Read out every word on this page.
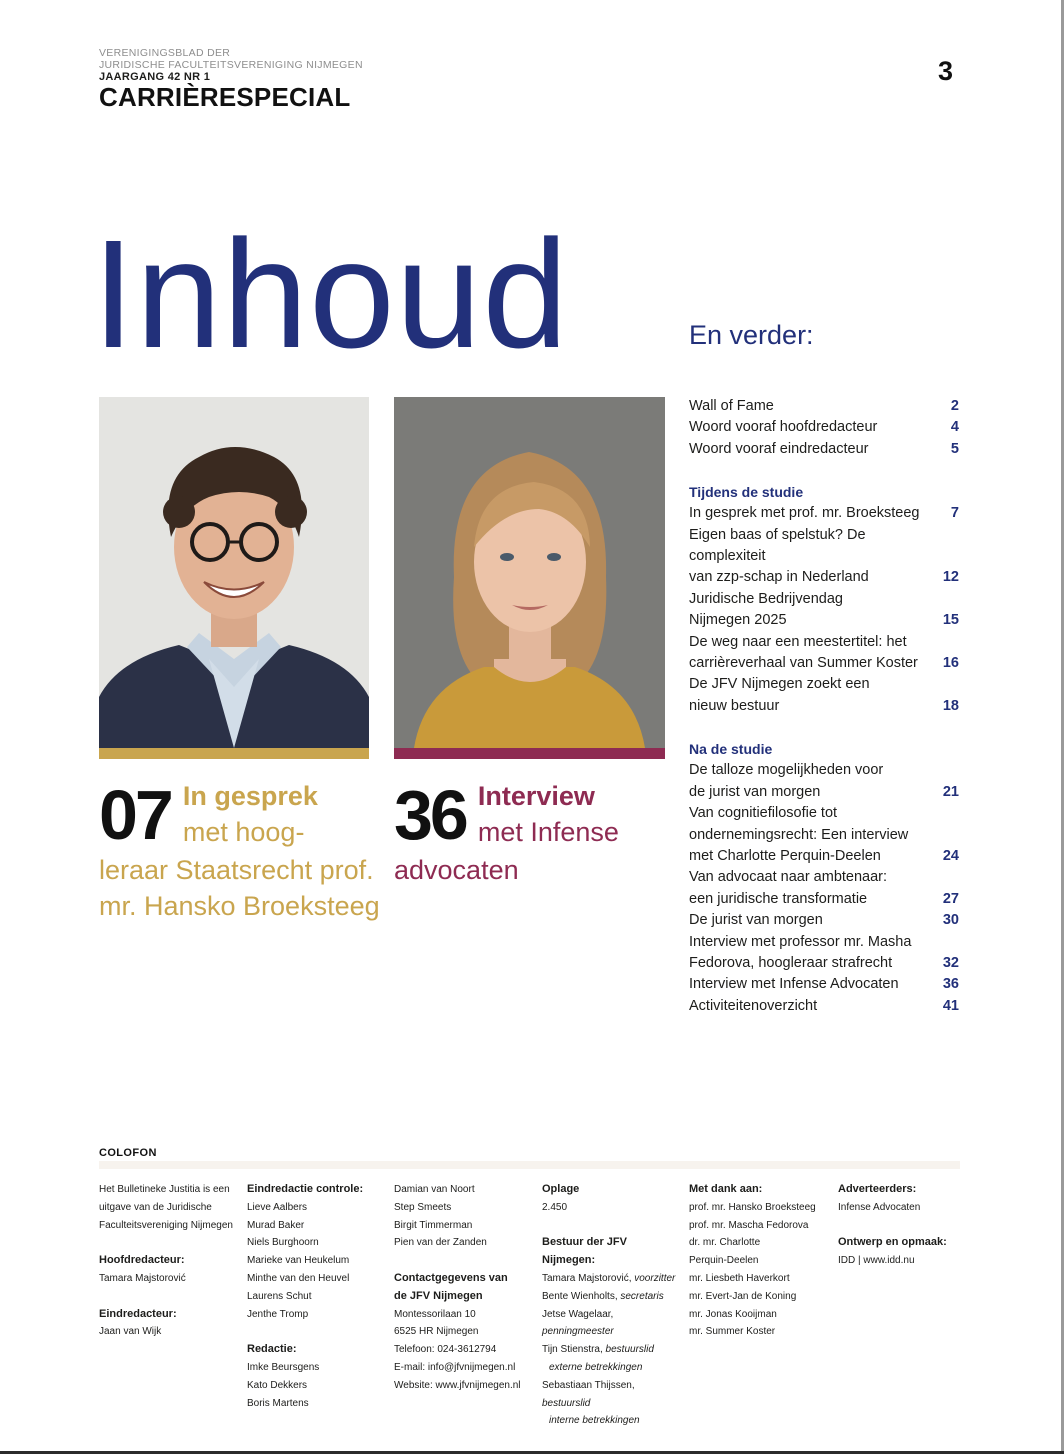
VERENIGINGSBLAD DER
JURIDISCHE FACULTEITSVERENIGING NIJMEGEN
JAARGANG 42 NR 1
CARRIÈRESPECIAL
3
Inhoud	En verder:
07 In gesprek
met hoog-
leraar Staatsrecht prof.
mr. Hansko Broeksteeg
36 Interview
met Infense
advocaten
Wall of Fame	2
Woord vooraf hoofdredacteur	4
Woord vooraf eindredacteur	5
Tijdens de studie
In gesprek met prof. mr. Broeksteeg	7
Eigen baas of spelstuk? De complexiteit
van zzp-schap in Nederland	12
Juridische Bedrijvendag
Nijmegen 2025	15
De weg naar een meestertitel: het
carrièreverhaal van Summer Koster	16
De JFV Nijmegen zoekt een
nieuw bestuur	18
Na de studie
De talloze mogelijkheden voor
de jurist van morgen	21
Van cognitiefilosofie tot
ondernemingsrecht: Een interview
met Charlotte Perquin-Deelen	24
Van advocaat naar ambtenaar:
een juridische transformatie	27
De jurist van morgen	30
Interview met professor mr. Masha
Fedorova, hoogleraar strafrecht	32
Interview met Infense Advocaten	36
Activiteitenoverzicht	41
COLOFON
Het Bulletineke Justitia is een
uitgave van de Juridische
Faculteitsvereniging Nijmegen
Hoofdredacteur:
Tamara Majstorović
Eindredacteur:
Jaan van Wijk
Eindredactie controle:
Lieve Aalbers
Murad Baker
Niels Burghoorn
Marieke van Heukelum
Minthe van den Heuvel
Laurens Schut
Jenthe Tromp
Redactie:
Imke Beursgens
Kato Dekkers
Boris Martens
Damian van Noort
Step Smeets
Birgit Timmerman
Pien van der Zanden
Contactgegevens van
de JFV Nijmegen
Montessorilaan 10
6525 HR Nijmegen
Telefoon: 024-3612794
E-mail: info@jfvnijmegen.nl
Website: www.jfvnijmegen.nl
Oplage
2.450
Bestuur der JFV
Nijmegen:
Tamara Majstorović, voorzitter
Bente Wienholts, secretaris
Jetse Wagelaar, penningmeester
Tijn Stienstra, bestuurslid
externe betrekkingen
Sebastiaan Thijssen, bestuurslid
interne betrekkingen
Met dank aan:
prof. mr. Hansko Broeksteeg
prof. mr. Mascha Fedorova
dr. mr. Charlotte
Perquin-Deelen
mr. Liesbeth Haverkort
mr. Evert-Jan de Koning
mr. Jonas Kooijman
mr. Summer Koster
Adverteerders:
Infense Advocaten
Ontwerp en opmaak:
IDD | www.idd.nu
